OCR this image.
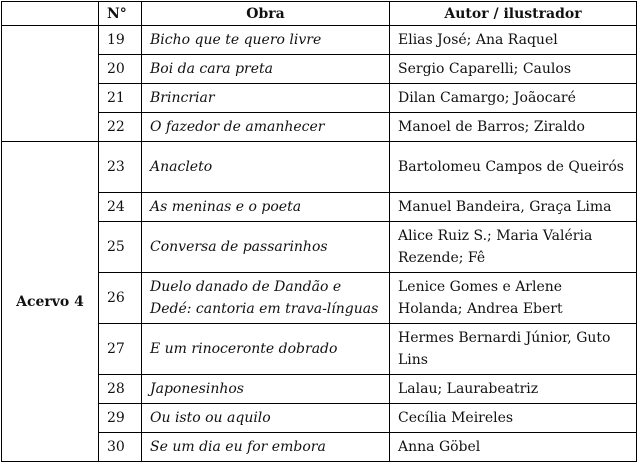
	N°	Obra	Autor / ilustrador
	19	Bicho que te quero livre	Elias José; Ana Raquel
	20	Boi da cara preta	Sergio Caparelli; Caulos
	21	Brincriar	Dilan Camargo; Joãocaré
	22	O fazedor de amanhecer	Manoel de Barros; Ziraldo
Acervo 4	23	Anacleto	Bartolomeu Campos de Queirós
	24	As meninas e o poeta	Manuel Bandeira, Graça Lima
	25	Conversa de passarinhos	Alice Ruiz S.; Maria Valéria Rezende; Fê
	26	Duelo danado de Dandão e Dedé: cantoria em trava-línguas	Lenice Gomes e Arlene Holanda; Andrea Ebert
	27	E um rinoceronte dobrado	Hermes Bernardi Júnior, Guto Lins
	28	Japonesinhos	Lalau; Laurabeatriz
	29	Ou isto ou aquilo	Cecília Meireles
	30	Se um dia eu for embora	Anna Göbel
